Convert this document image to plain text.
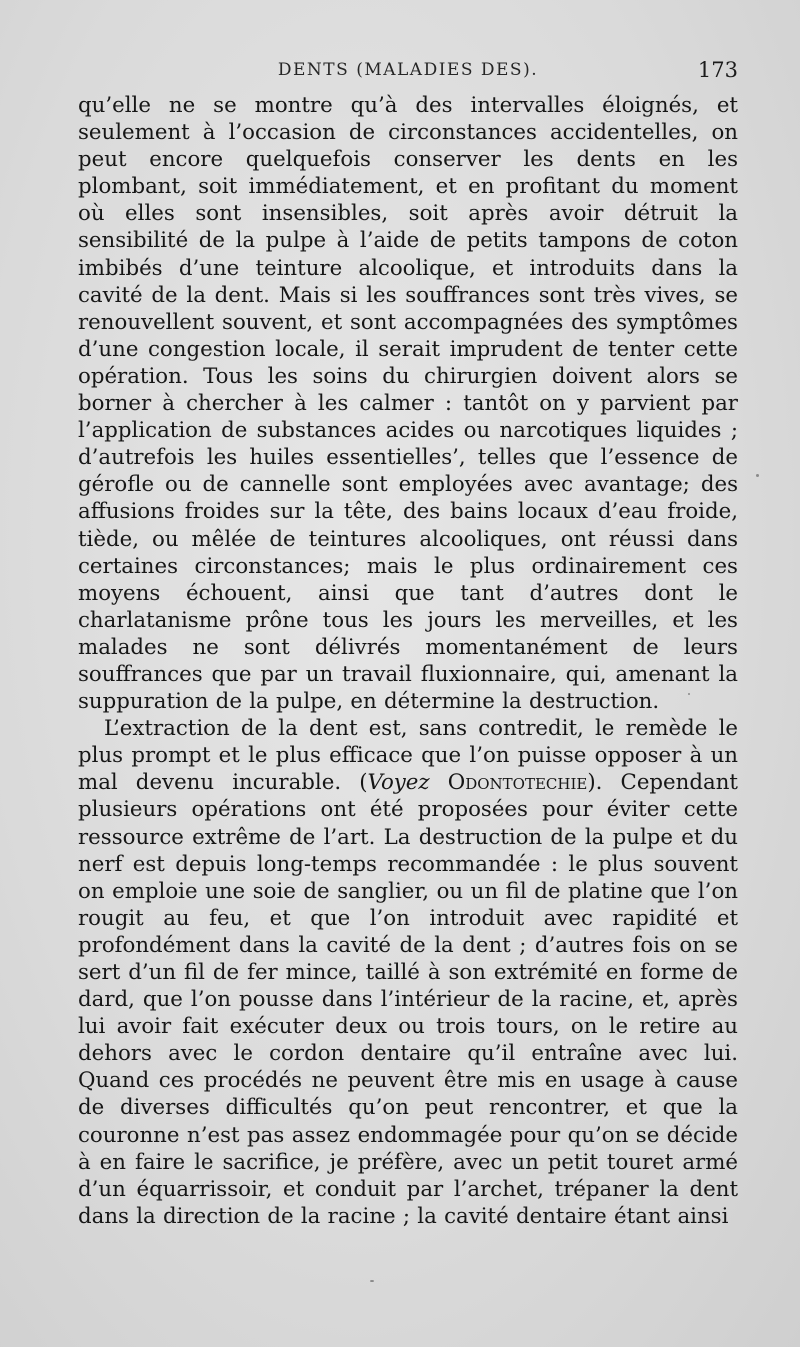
DENTS (MALADIES DES).	173

qu’elle ne se montre qu’à des intervalles éloignés, et seulement à l’occasion de circonstances accidentelles, on peut encore quelquefois conserver les dents en les plombant, soit immédiatement, et en profitant du moment où elles sont insensibles, soit après avoir détruit la sensibilité de la pulpe à l’aide de petits tampons de coton imbibés d’une teinture alcoolique, et introduits dans la cavité de la dent. Mais si les souffrances sont très vives, se renouvellent souvent, et sont accompagnées des symptômes d’une congestion locale, il serait imprudent de tenter cette opération. Tous les soins du chirurgien doivent alors se borner à chercher à les calmer : tantôt on y parvient par l’application de substances acides ou narcotiques liquides ; d’autrefois les huiles essentielles’, telles que l’essence de gérofle ou de cannelle sont employées avec avantage; des affusions froides sur la tête, des bains locaux d’eau froide, tiède, ou mêlée de teintures alcooliques, ont réussi dans certaines circonstances; mais le plus ordinairement ces moyens échouent, ainsi que tant d’autres dont le charlatanisme prône tous les jours les merveilles, et les malades ne sont délivrés momentanément de leurs souffrances que par un travail fluxionnaire, qui, amenant la suppuration de la pulpe, en détermine la destruction.

L’extraction de la dent est, sans contredit, le remède le plus prompt et le plus efficace que l’on puisse opposer à un mal devenu incurable. (Voyez Odontotechie). Cependant plusieurs opérations ont été proposées pour éviter cette ressource extrême de l’art. La destruction de la pulpe et du nerf est depuis long-temps recommandée : le plus souvent on emploie une soie de sanglier, ou un fil de platine que l’on rougit au feu, et que l’on introduit avec rapidité et profondément dans la cavité de la dent ; d’autres fois on se sert d’un fil de fer mince, taillé à son extrémité en forme de dard, que l’on pousse dans l’intérieur de la racine, et, après lui avoir fait exécuter deux ou trois tours, on le retire au dehors avec le cordon dentaire qu’il entraîne avec lui. Quand ces procédés ne peuvent être mis en usage à cause de diverses difficultés qu’on peut rencontrer, et que la couronne n’est pas assez endommagée pour qu’on se décide à en faire le sacrifice, je préfère, avec un petit touret armé d’un équarrissoir, et conduit par l’archet, trépaner la dent dans la direction de la racine ; la cavité dentaire étant ainsi
